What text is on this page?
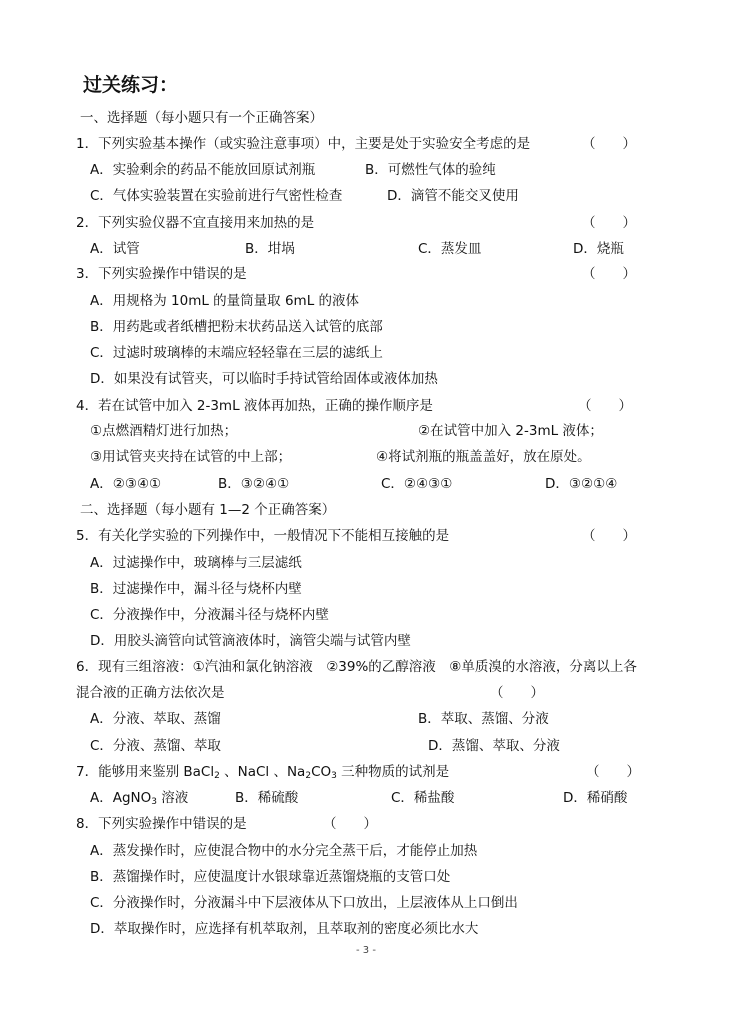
过关练习：
一、选择题（每小题只有一个正确答案）
1．下列实验基本操作（或实验注意事项）中，主要是处于实验安全考虑的是	（　　）
A．实验剩余的药品不能放回原试剂瓶	B．可燃性气体的验纯
C．气体实验装置在实验前进行气密性检查	D．滴管不能交叉使用
2．下列实验仪器不宜直接用来加热的是	（　　）
A．试管	B．坩埚	C．蒸发皿	D．烧瓶
3．下列实验操作中错误的是	（　　）
A．用规格为 10mL 的量筒量取 6mL 的液体
B．用药匙或者纸槽把粉末状药品送入试管的底部
C．过滤时玻璃棒的末端应轻轻靠在三层的滤纸上
D．如果没有试管夹，可以临时手持试管给固体或液体加热
4．若在试管中加入 2-3mL 液体再加热，正确的操作顺序是	（　　）
①点燃酒精灯进行加热；	②在试管中加入 2-3mL 液体；
③用试管夹夹持在试管的中上部；	④将试剂瓶的瓶盖盖好，放在原处。
A．②③④①	B．③②④①	C．②④③①	D．③②①④
二、选择题（每小题有 1—2 个正确答案）
5．有关化学实验的下列操作中，一般情况下不能相互接触的是	（　　）
A．过滤操作中，玻璃棒与三层滤纸
B．过滤操作中，漏斗径与烧杯内壁
C．分液操作中，分液漏斗径与烧杯内壁
D．用胶头滴管向试管滴液体时，滴管尖端与试管内壁
6．现有三组溶液：①汽油和氯化钠溶液　②39%的乙醇溶液　⑧单质溴的水溶液，分离以上各
混合液的正确方法依次是	（　　）
A．分液、萃取、蒸馏	B．萃取、蒸馏、分液
C．分液、蒸馏、萃取	D．蒸馏、萃取、分液
7．能够用来鉴别 BaCl$_2$ 、NaCl 、$Na_2CO_3$ 三种物质的试剂是	（　　）
A．AgNO$_3$ 溶液	B．稀硫酸	C．稀盐酸	D．稀硝酸
8．下列实验操作中错误的是	（　　）
A．蒸发操作时，应使混合物中的水分完全蒸干后，才能停止加热
B．蒸馏操作时，应使温度计水银球靠近蒸馏烧瓶的支管口处
C．分液操作时，分液漏斗中下层液体从下口放出，上层液体从上口倒出
D．萃取操作时，应选择有机萃取剂，且萃取剂的密度必须比水大
- 3 -
